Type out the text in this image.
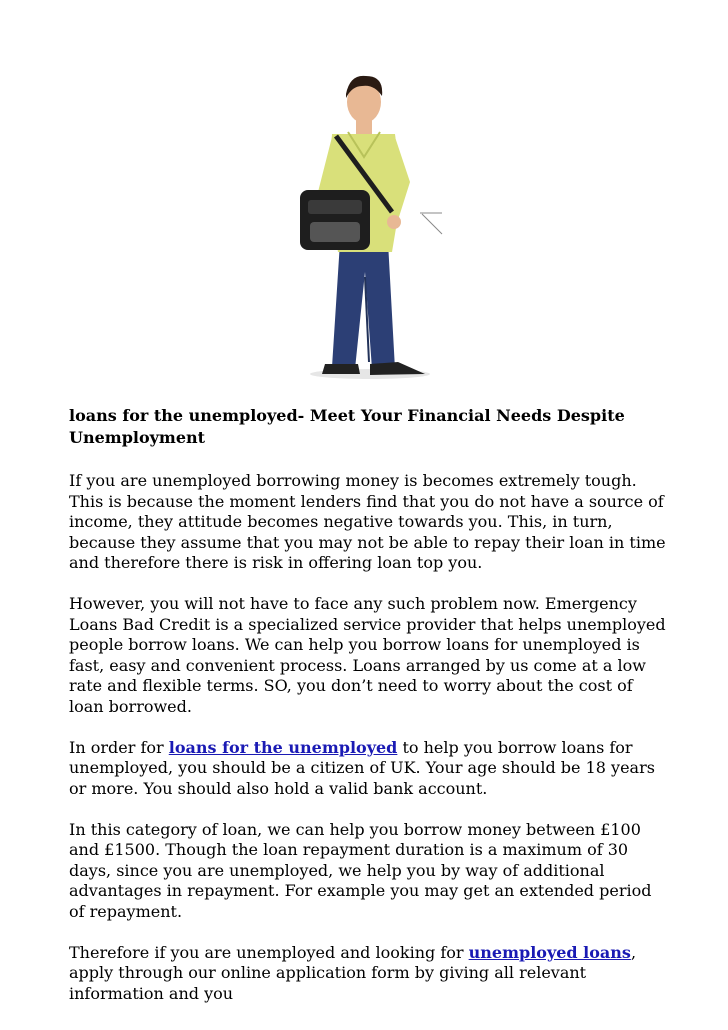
loans for the unemployed- Meet Your Financial Needs Despite Unemployment

If you are unemployed borrowing money is becomes extremely tough. This is because the moment lenders find that you do not have a source of income, they attitude becomes negative towards you. This, in turn, because they assume that you may not be able to repay their loan in time and therefore there is risk in offering loan top you.

However, you will not have to face any such problem now. Emergency Loans Bad Credit is a specialized service provider that helps unemployed people borrow loans. We can help you borrow loans for unemployed is fast, easy and convenient process. Loans arranged by us come at a low rate and flexible terms. SO, you don’t need to worry about the cost of loan borrowed.

In order for loans for the unemployed to help you borrow loans for unemployed, you should be a citizen of UK. Your age should be 18 years or more. You should also hold a valid bank account.

In this category of loan, we can help you borrow money between £100 and £1500. Though the loan repayment duration is a maximum of 30 days, since you are unemployed, we help you by way of additional advantages in repayment. For example you may get an extended period of repayment.

Therefore if you are unemployed and looking for unemployed loans, apply through our online application form by giving all relevant information and you
